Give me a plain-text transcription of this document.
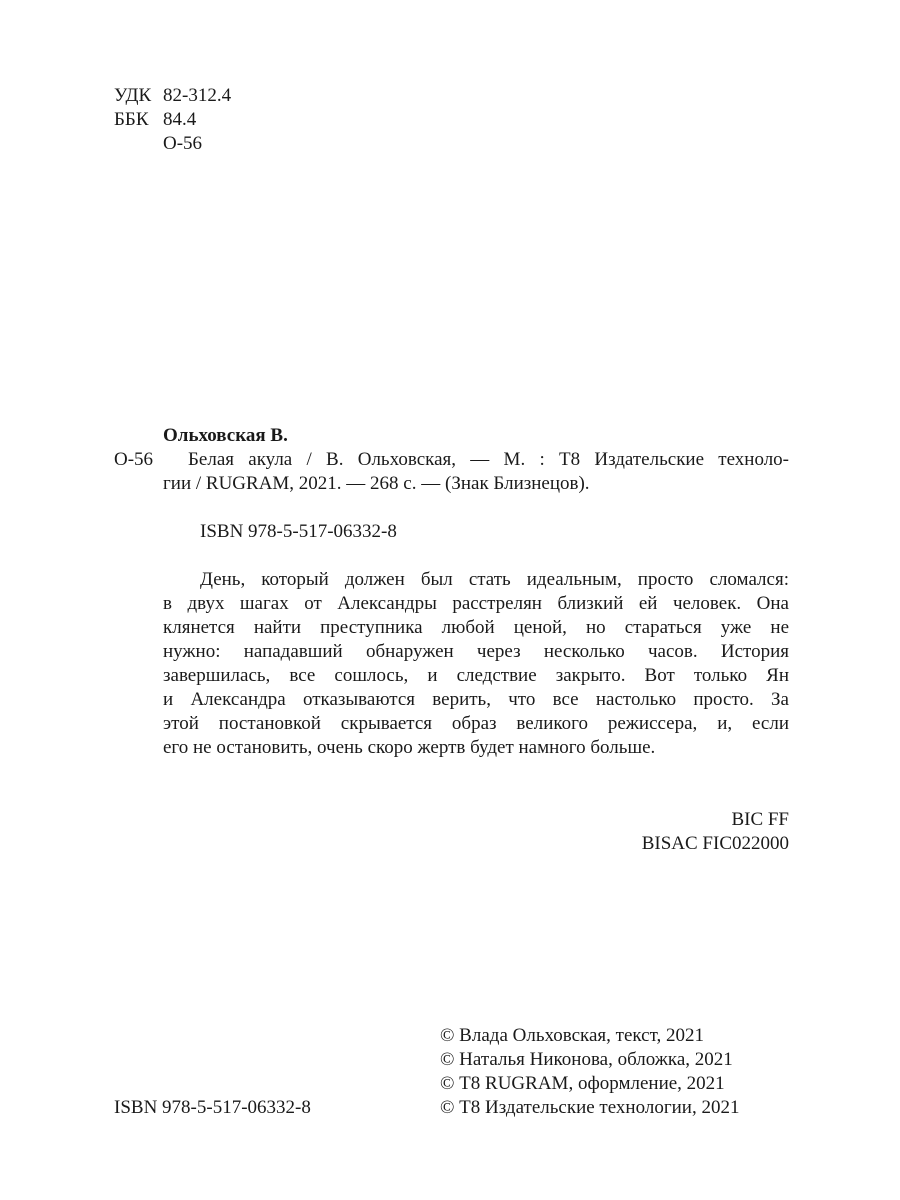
УДК 82-312.4
ББК 84.4
О-56
Ольховская В.
О-56 Белая акула / В. Ольховская, — М. : Т8 Издательские техноло-
гии / RUGRAM, 2021. — 268 с. — (Знак Близнецов).
ISBN 978-5-517-06332-8
День, который должен был стать идеальным, просто сломался:
в двух шагах от Александры расстрелян близкий ей человек. Она
клянется найти преступника любой ценой, но стараться уже не
нужно: нападавший обнаружен через несколько часов. История
завершилась, все сошлось, и следствие закрыто. Вот только Ян
и Александра отказываются верить, что все настолько просто. За
этой постановкой скрывается образ великого режиссера, и, если
его не остановить, очень скоро жертв будет намного больше.
BIC FF
BISAC FIC022000
© Влада Ольховская, текст, 2021
© Наталья Никонова, обложка, 2021
© Т8 RUGRAM, оформление, 2021
ISBN 978-5-517-06332-8	© Т8 Издательские технологии, 2021
